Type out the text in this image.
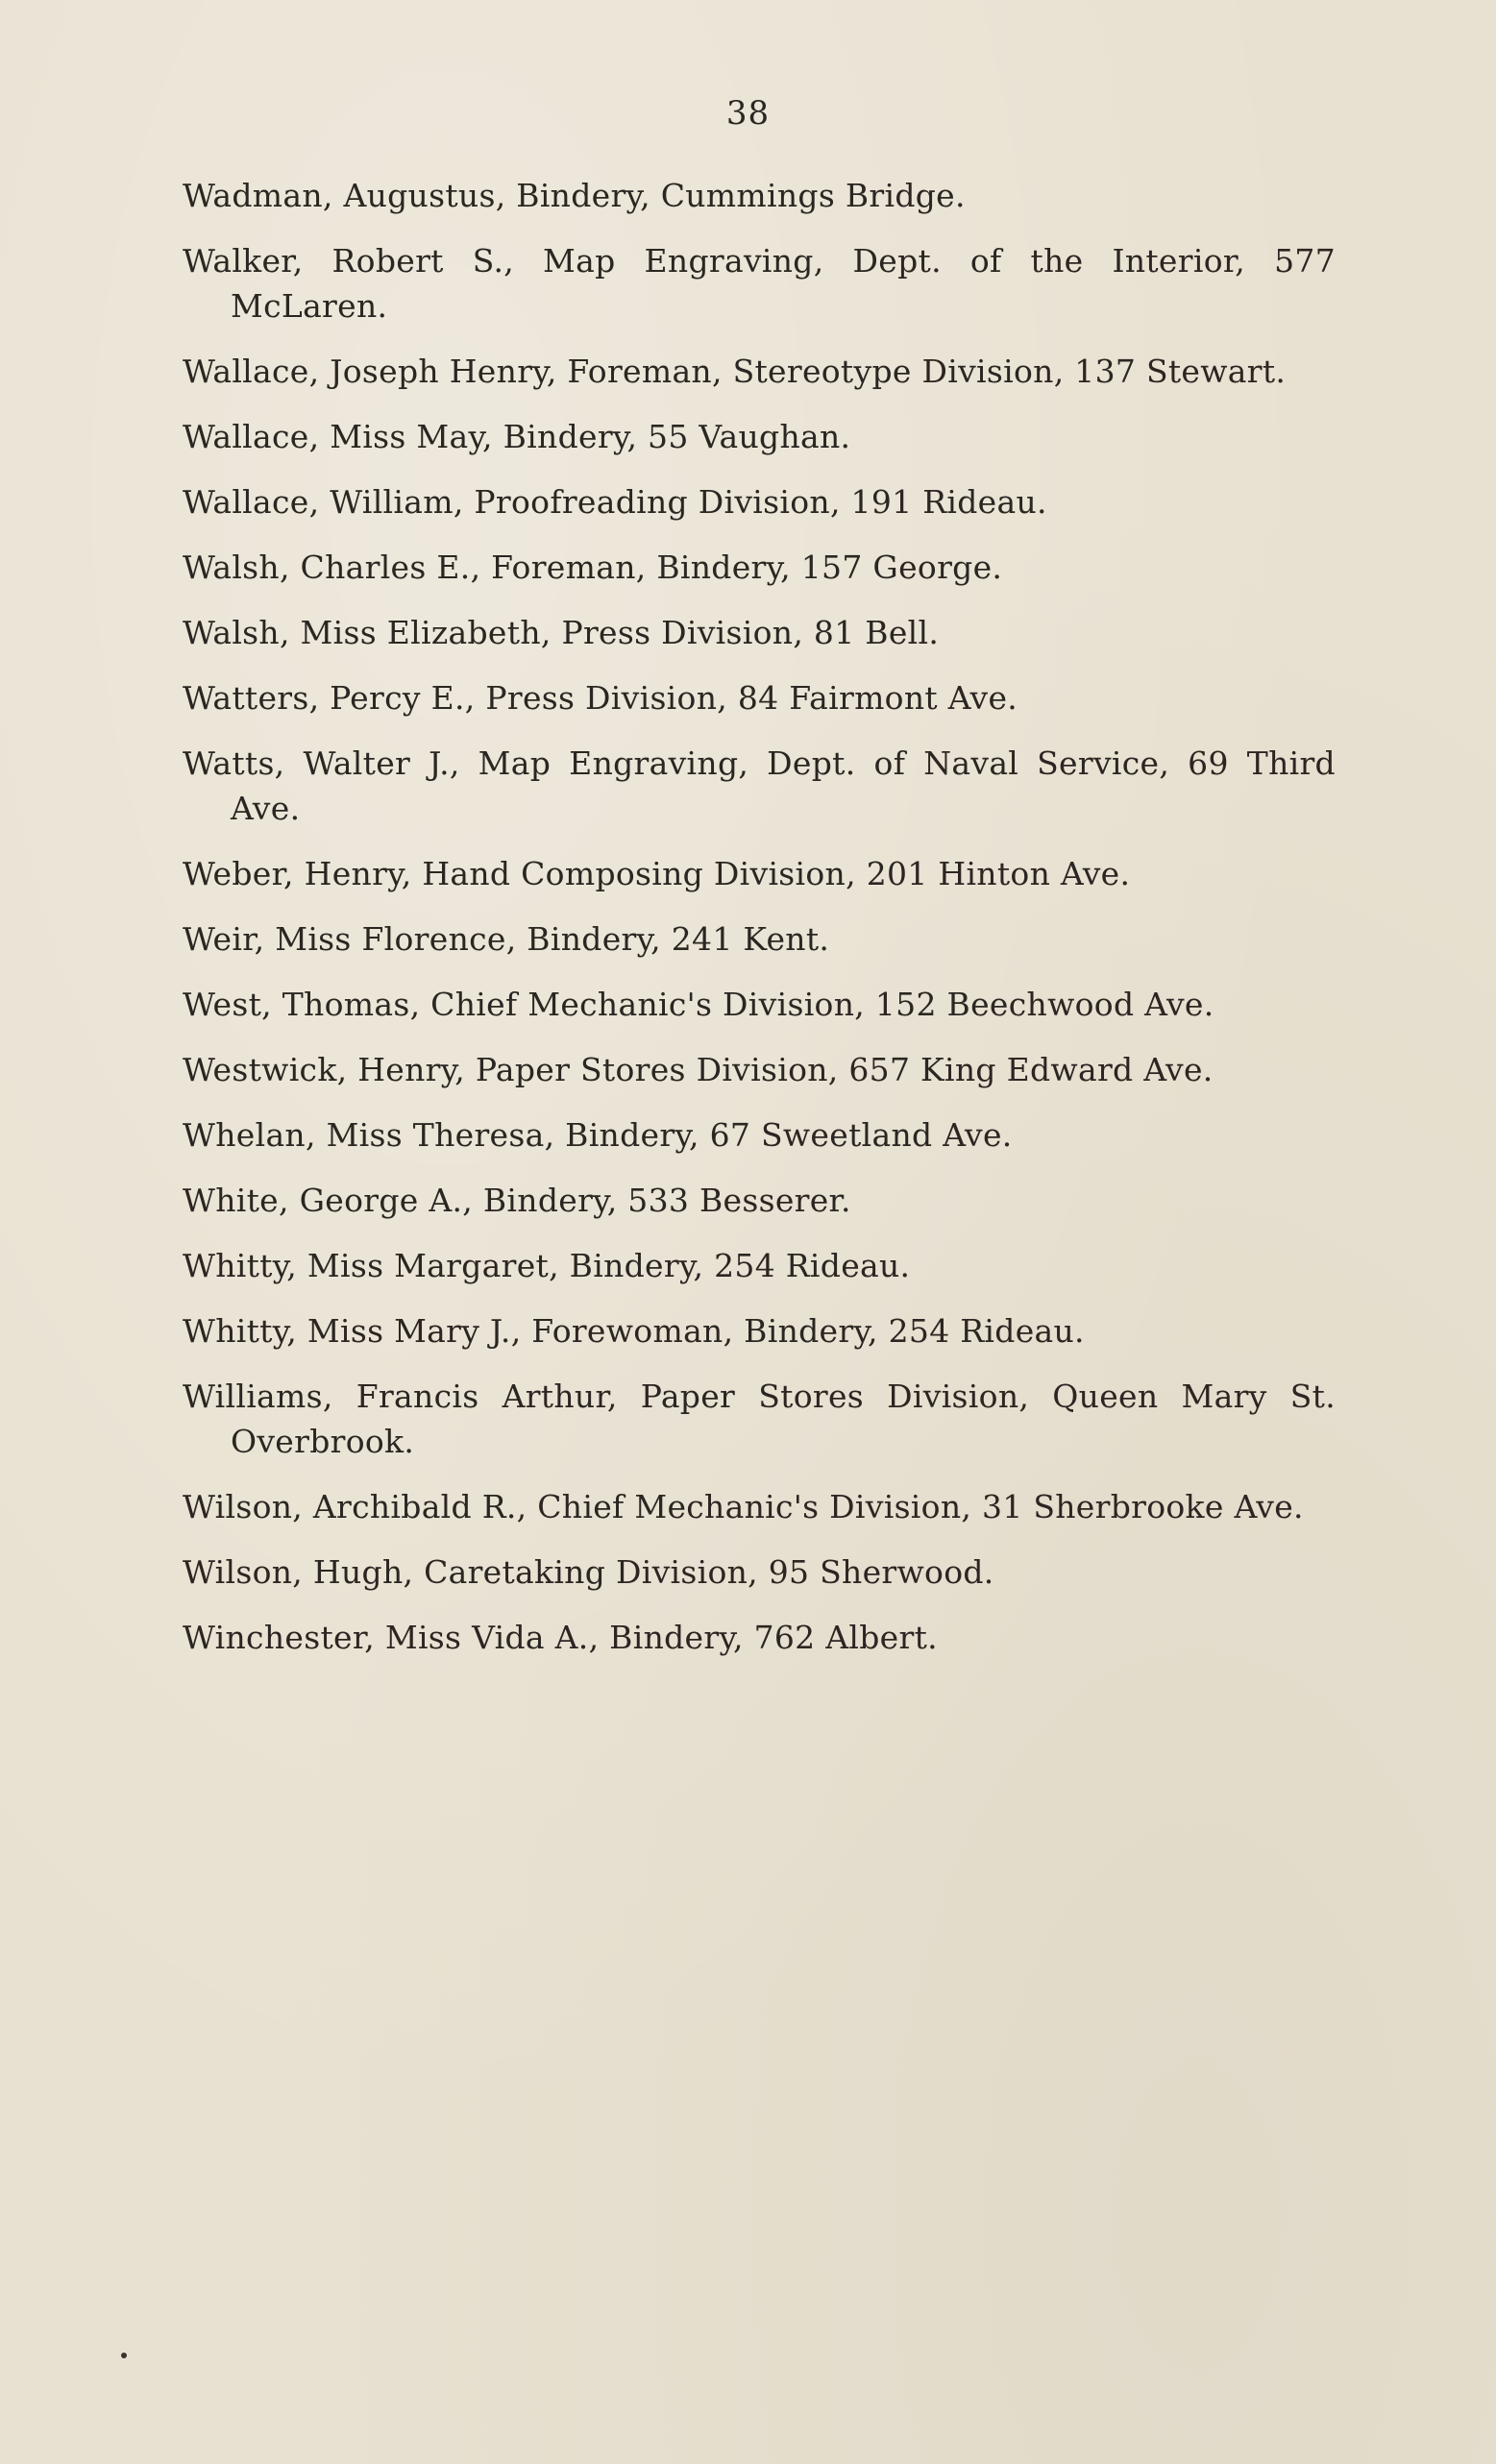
38
Wadman, Augustus, Bindery, Cummings Bridge.
Walker, Robert S., Map Engraving, Dept. of the Interior, 577 McLaren.
Wallace, Joseph Henry, Foreman, Stereotype Division, 137 Stewart.
Wallace, Miss May, Bindery, 55 Vaughan.
Wallace, William, Proofreading Division, 191 Rideau.
Walsh, Charles E., Foreman, Bindery, 157 George.
Walsh, Miss Elizabeth, Press Division, 81 Bell.
Watters, Percy E., Press Division, 84 Fairmont Ave.
Watts, Walter J., Map Engraving, Dept. of Naval Service, 69 Third Ave.
Weber, Henry, Hand Composing Division, 201 Hinton Ave.
Weir, Miss Florence, Bindery, 241 Kent.
West, Thomas, Chief Mechanic's Division, 152 Beechwood Ave.
Westwick, Henry, Paper Stores Division, 657 King Edward Ave.
Whelan, Miss Theresa, Bindery, 67 Sweetland Ave.
White, George A., Bindery, 533 Besserer.
Whitty, Miss Margaret, Bindery, 254 Rideau.
Whitty, Miss Mary J., Forewoman, Bindery, 254 Rideau.
Williams, Francis Arthur, Paper Stores Division, Queen Mary St. Overbrook.
Wilson, Archibald R., Chief Mechanic's Division, 31 Sherbrooke Ave.
Wilson, Hugh, Caretaking Division, 95 Sherwood.
Winchester, Miss Vida A., Bindery, 762 Albert.
